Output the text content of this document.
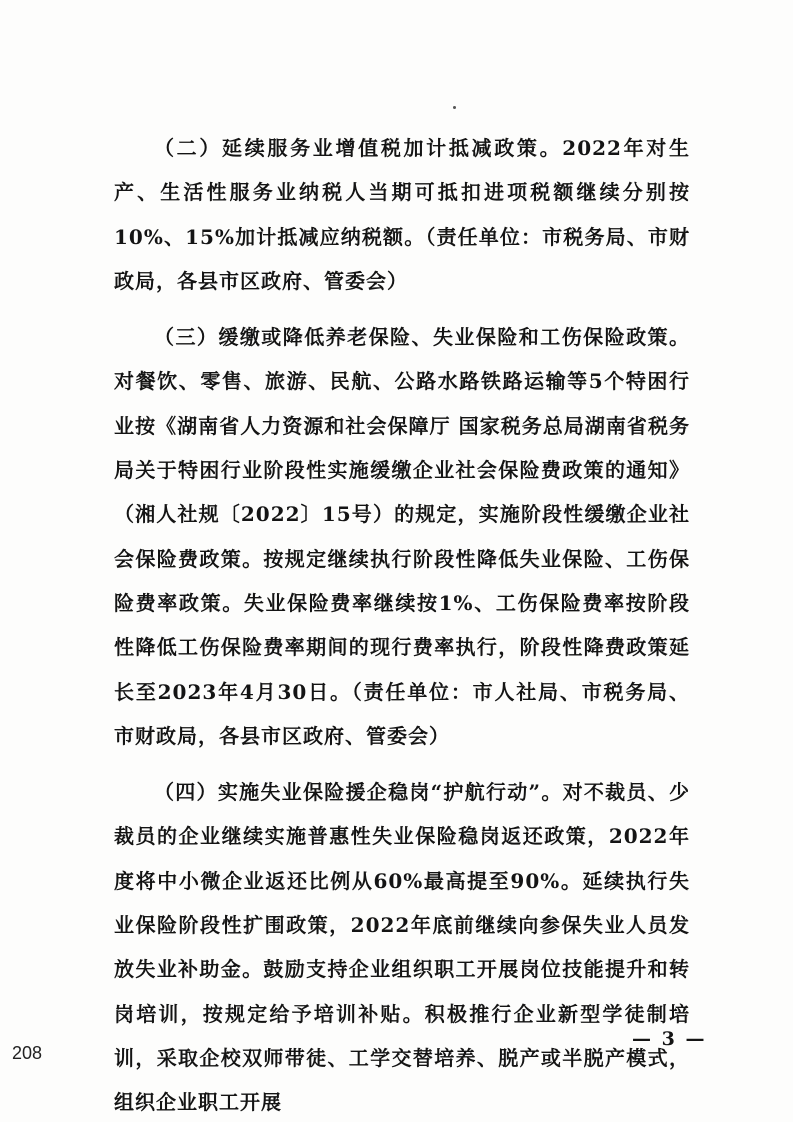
（二）延续服务业增值税加计抵减政策。2022年对生产、生活性服务业纳税人当期可抵扣进项税额继续分别按10%、15%加计抵减应纳税额。（责任单位：市税务局、市财政局，各县市区政府、管委会）

（三）缓缴或降低养老保险、失业保险和工伤保险政策。对餐饮、零售、旅游、民航、公路水路铁路运输等5个特困行业按《湖南省人力资源和社会保障厅 国家税务总局湖南省税务局关于特困行业阶段性实施缓缴企业社会保险费政策的通知》（湘人社规〔2022〕15号）的规定，实施阶段性缓缴企业社会保险费政策。按规定继续执行阶段性降低失业保险、工伤保险费率政策。失业保险费率继续按1%、工伤保险费率按阶段性降低工伤保险费率期间的现行费率执行，阶段性降费政策延长至2023年4月30日。（责任单位：市人社局、市税务局、市财政局，各县市区政府、管委会）

（四）实施失业保险援企稳岗“护航行动”。对不裁员、少裁员的企业继续实施普惠性失业保险稳岗返还政策，2022年度将中小微企业返还比例从60%最高提至90%。延续执行失业保险阶段性扩围政策，2022年底前继续向参保失业人员发放失业补助金。鼓励支持企业组织职工开展岗位技能提升和转岗培训，按规定给予培训补贴。积极推行企业新型学徒制培训，采取企校双师带徒、工学交替培养、脱产或半脱产模式，组织企业职工开展

— 3 —
208
